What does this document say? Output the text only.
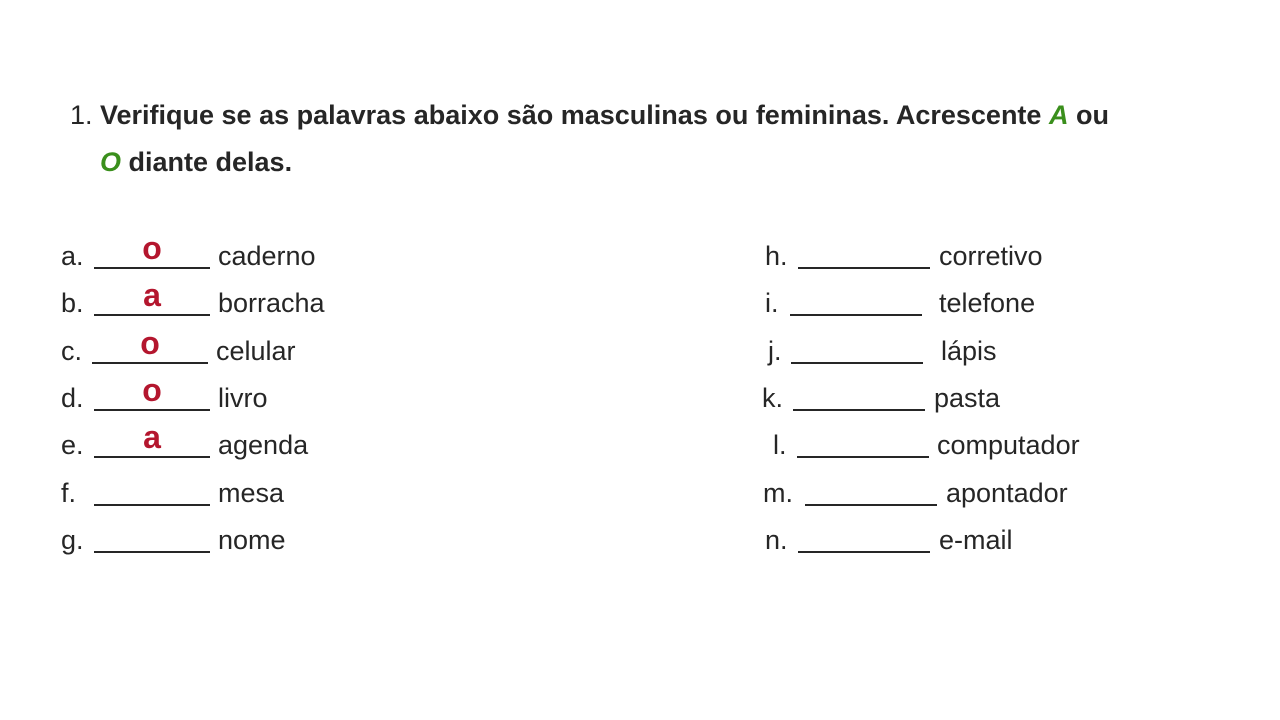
1. Verifique se as palavras abaixo são masculinas ou femininas. Acrescente A ou
O diante delas.
a.	o	caderno
b.	a	borracha
c.	o	celular
d.	o	livro
e.	a	agenda
f.	mesa
g.	nome
h.	corretivo
i.	telefone
j.	lápis
k.	pasta
l.	computador
m.	apontador
n.	e-mail
